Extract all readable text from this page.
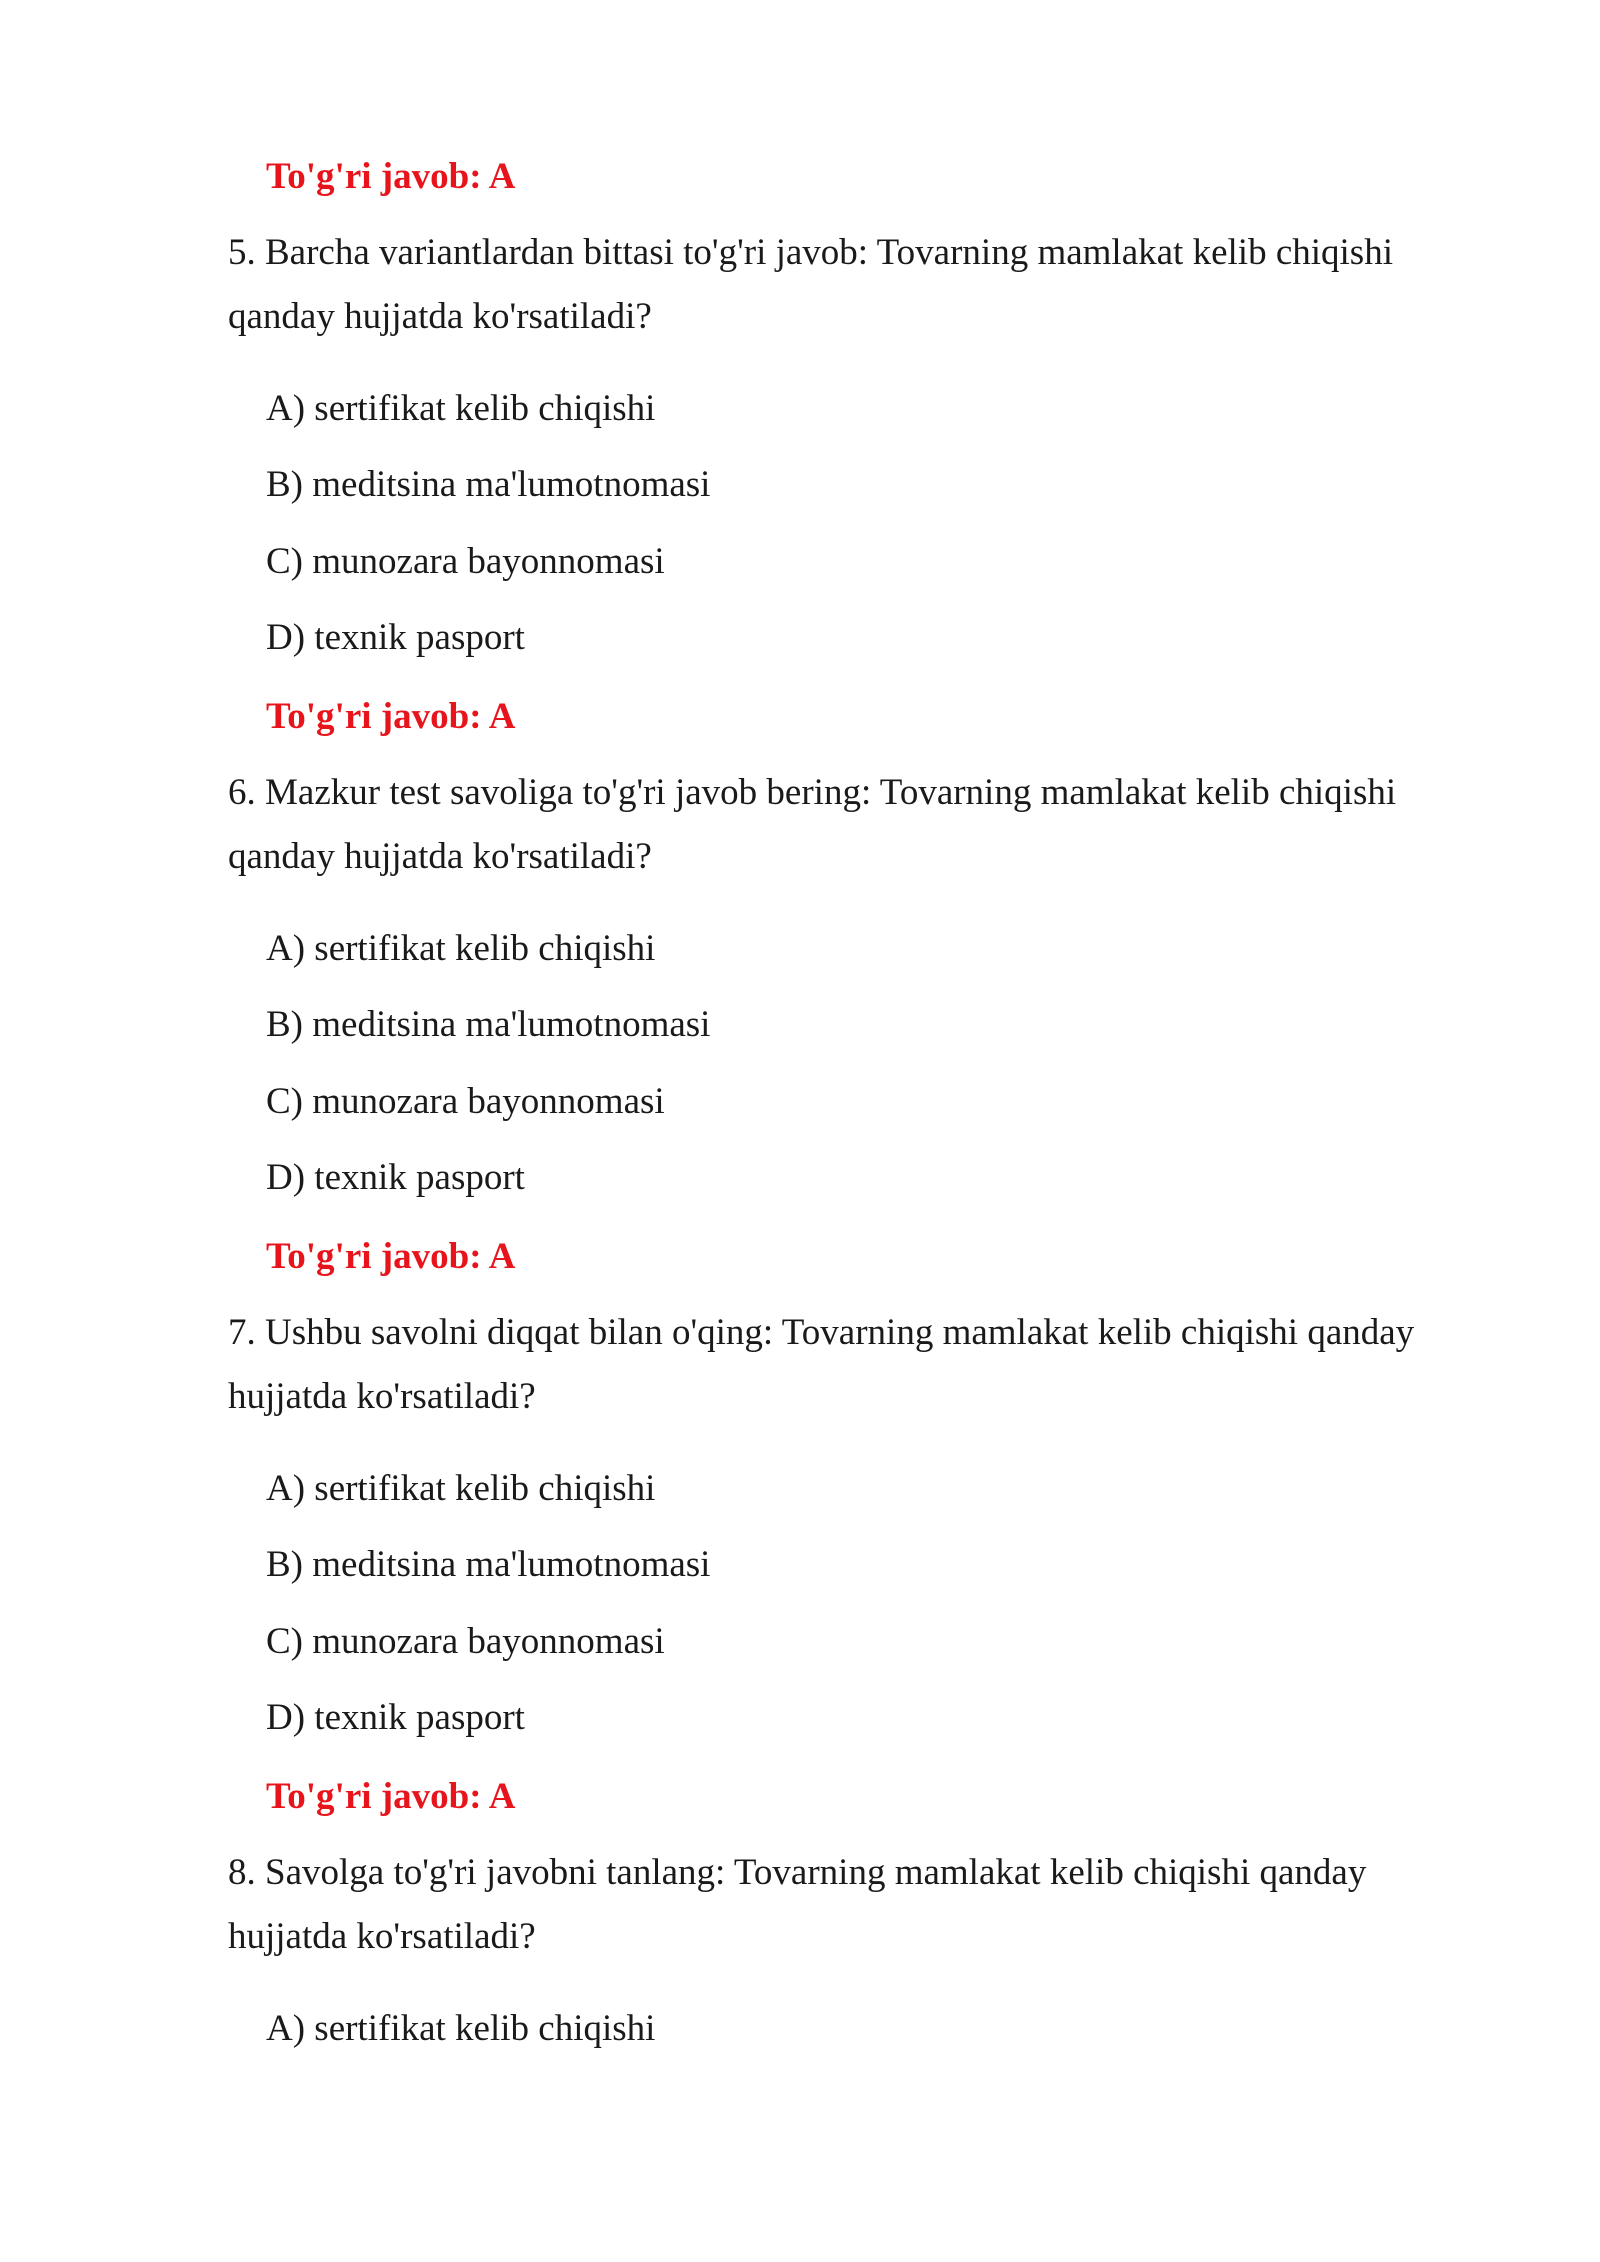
To'g'ri javob: A
5. Barcha variantlardan bittasi to'g'ri javob: Tovarning mamlakat kelib chiqishi
qanday hujjatda ko'rsatiladi?
A) sertifikat kelib chiqishi
B) meditsina ma'lumotnomasi
C) munozara bayonnomasi
D) texnik pasport
To'g'ri javob: A
6. Mazkur test savoliga to'g'ri javob bering: Tovarning mamlakat kelib chiqishi
qanday hujjatda ko'rsatiladi?
A) sertifikat kelib chiqishi
B) meditsina ma'lumotnomasi
C) munozara bayonnomasi
D) texnik pasport
To'g'ri javob: A
7. Ushbu savolni diqqat bilan o'qing: Tovarning mamlakat kelib chiqishi qanday
hujjatda ko'rsatiladi?
A) sertifikat kelib chiqishi
B) meditsina ma'lumotnomasi
C) munozara bayonnomasi
D) texnik pasport
To'g'ri javob: A
8. Savolga to'g'ri javobni tanlang: Tovarning mamlakat kelib chiqishi qanday
hujjatda ko'rsatiladi?
A) sertifikat kelib chiqishi
